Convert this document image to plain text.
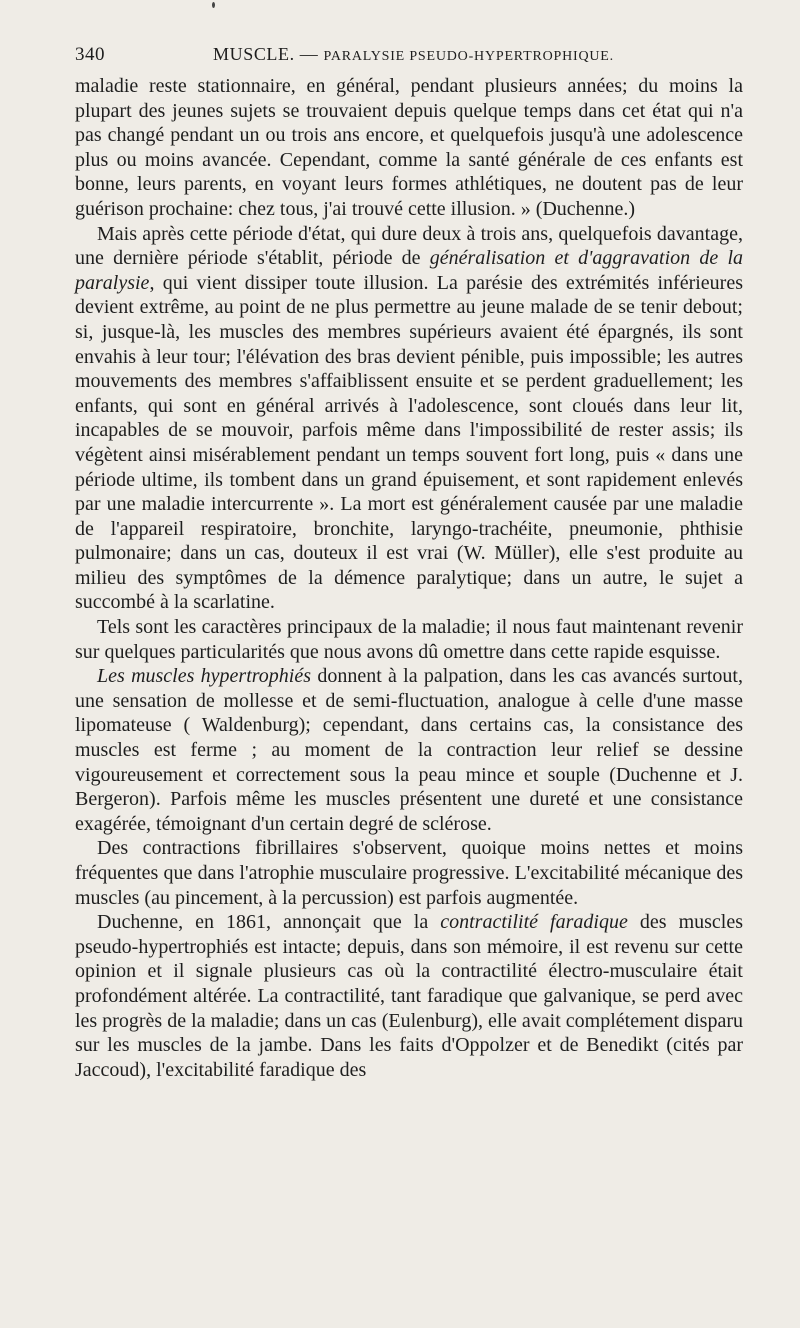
340	MUSCLE. — PARALYSIE PSEUDO-HYPERTROPHIQUE.

maladie reste stationnaire, en général, pendant plusieurs années; du moins la plupart des jeunes sujets se trouvaient depuis quelque temps dans cet état qui n'a pas changé pendant un ou trois ans encore, et quelquefois jusqu'à une adolescence plus ou moins avancée. Cependant, comme la santé générale de ces enfants est bonne, leurs parents, en voyant leurs formes athlétiques, ne doutent pas de leur guérison prochaine: chez tous, j'ai trouvé cette illusion. » (Duchenne.)

Mais après cette période d'état, qui dure deux à trois ans, quelquefois davantage, une dernière période s'établit, période de généralisation et d'aggravation de la paralysie, qui vient dissiper toute illusion. La parésie des extrémités inférieures devient extrême, au point de ne plus permettre au jeune malade de se tenir debout; si, jusque-là, les muscles des membres supérieurs avaient été épargnés, ils sont envahis à leur tour; l'élévation des bras devient pénible, puis impossible; les autres mouvements des membres s'affaiblissent ensuite et se perdent graduellement; les enfants, qui sont en général arrivés à l'adolescence, sont cloués dans leur lit, incapables de se mouvoir, parfois même dans l'impossibilité de rester assis; ils végètent ainsi misérablement pendant un temps souvent fort long, puis « dans une période ultime, ils tombent dans un grand épuisement, et sont rapidement enlevés par une maladie intercurrente ». La mort est généralement causée par une maladie de l'appareil respiratoire, bronchite, laryngo-trachéite, pneumonie, phthisie pulmonaire; dans un cas, douteux il est vrai (W. Müller), elle s'est produite au milieu des symptômes de la démence paralytique; dans un autre, le sujet a succombé à la scarlatine.

Tels sont les caractères principaux de la maladie; il nous faut maintenant revenir sur quelques particularités que nous avons dû omettre dans cette rapide esquisse.

Les muscles hypertrophiés donnent à la palpation, dans les cas avancés surtout, une sensation de mollesse et de semi-fluctuation, analogue à celle d'une masse lipomateuse ( Waldenburg); cependant, dans certains cas, la consistance des muscles est ferme ; au moment de la contraction leur relief se dessine vigoureusement et correctement sous la peau mince et souple (Duchenne et J. Bergeron). Parfois même les muscles présentent une dureté et une consistance exagérée, témoignant d'un certain degré de sclérose.

Des contractions fibrillaires s'observent, quoique moins nettes et moins fréquentes que dans l'atrophie musculaire progressive. L'excitabilité mécanique des muscles (au pincement, à la percussion) est parfois augmentée.

Duchenne, en 1861, annonçait que la contractilité faradique des muscles pseudo-hypertrophiés est intacte; depuis, dans son mémoire, il est revenu sur cette opinion et il signale plusieurs cas où la contractilité électro-musculaire était profondément altérée. La contractilité, tant faradique que galvanique, se perd avec les progrès de la maladie; dans un cas (Eulenburg), elle avait complétement disparu sur les muscles de la jambe. Dans les faits d'Oppolzer et de Benedikt (cités par Jaccoud), l'excitabilité faradique des
